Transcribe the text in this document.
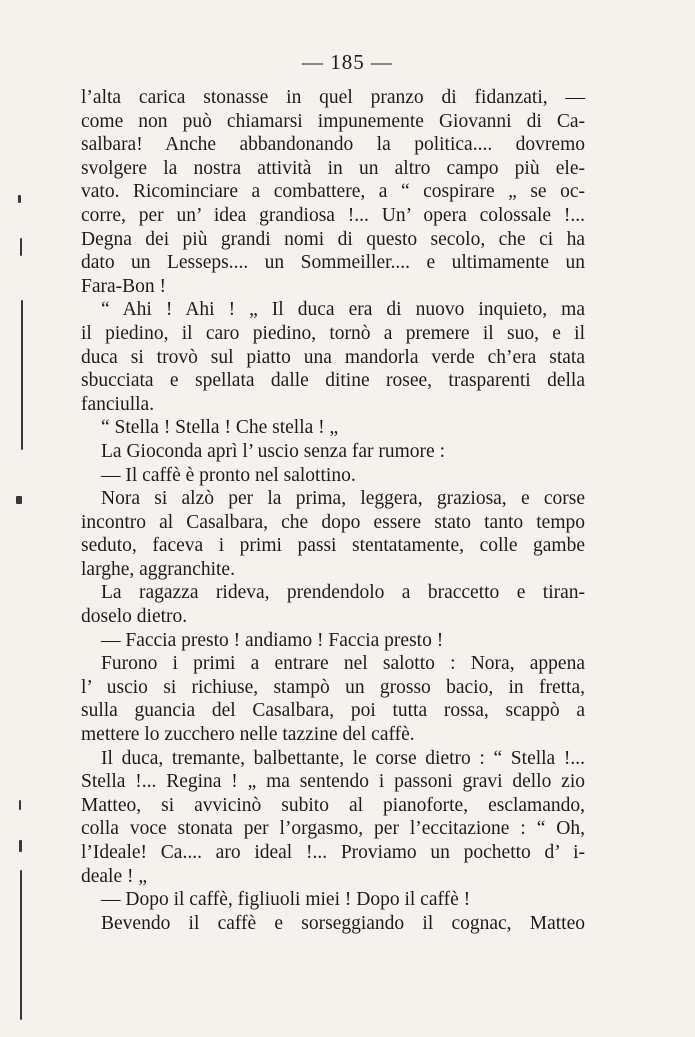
— 185 —
l’alta carica stonasse in quel pranzo di fidanzati, —
come non può chiamarsi impunemente Giovanni di Ca-
salbara! Anche abbandonando la politica.... dovremo
svolgere la nostra attività in un altro campo più ele-
vato. Ricominciare a combattere, a “ cospirare „ se oc-
corre, per un’ idea grandiosa !... Un’ opera colossale !...
Degna dei più grandi nomi di questo secolo, che ci ha
dato un Lesseps.... un Sommeiller.... e ultimamente un
Fara-Bon !
“ Ahi ! Ahi ! „ Il duca era di nuovo inquieto, ma
il piedino, il caro piedino, tornò a premere il suo, e il
duca si trovò sul piatto una mandorla verde ch’era stata
sbucciata e spellata dalle ditine rosee, trasparenti della
fanciulla.
“ Stella ! Stella ! Che stella ! „
La Gioconda aprì l’ uscio senza far rumore :
— Il caffè è pronto nel salottino.
Nora si alzò per la prima, leggera, graziosa, e corse
incontro al Casalbara, che dopo essere stato tanto tempo
seduto, faceva i primi passi stentatamente, colle gambe
larghe, aggranchite.
La ragazza rideva, prendendolo a braccetto e tiran-
doselo dietro.
— Faccia presto ! andiamo ! Faccia presto !
Furono i primi a entrare nel salotto : Nora, appena
l’ uscio si richiuse, stampò un grosso bacio, in fretta,
sulla guancia del Casalbara, poi tutta rossa, scappò a
mettere lo zucchero nelle tazzine del caffè.
Il duca, tremante, balbettante, le corse dietro : “ Stella !...
Stella !... Regina ! „ ma sentendo i passoni gravi dello zio
Matteo, si avvicinò subito al pianoforte, esclamando,
colla voce stonata per l’orgasmo, per l’eccitazione : “ Oh,
l’Ideale! Ca.... aro ideal !... Proviamo un pochetto d’ i-
deale ! „
— Dopo il caffè, figliuoli miei ! Dopo il caffè !
Bevendo il caffè e sorseggiando il cognac, Matteo
